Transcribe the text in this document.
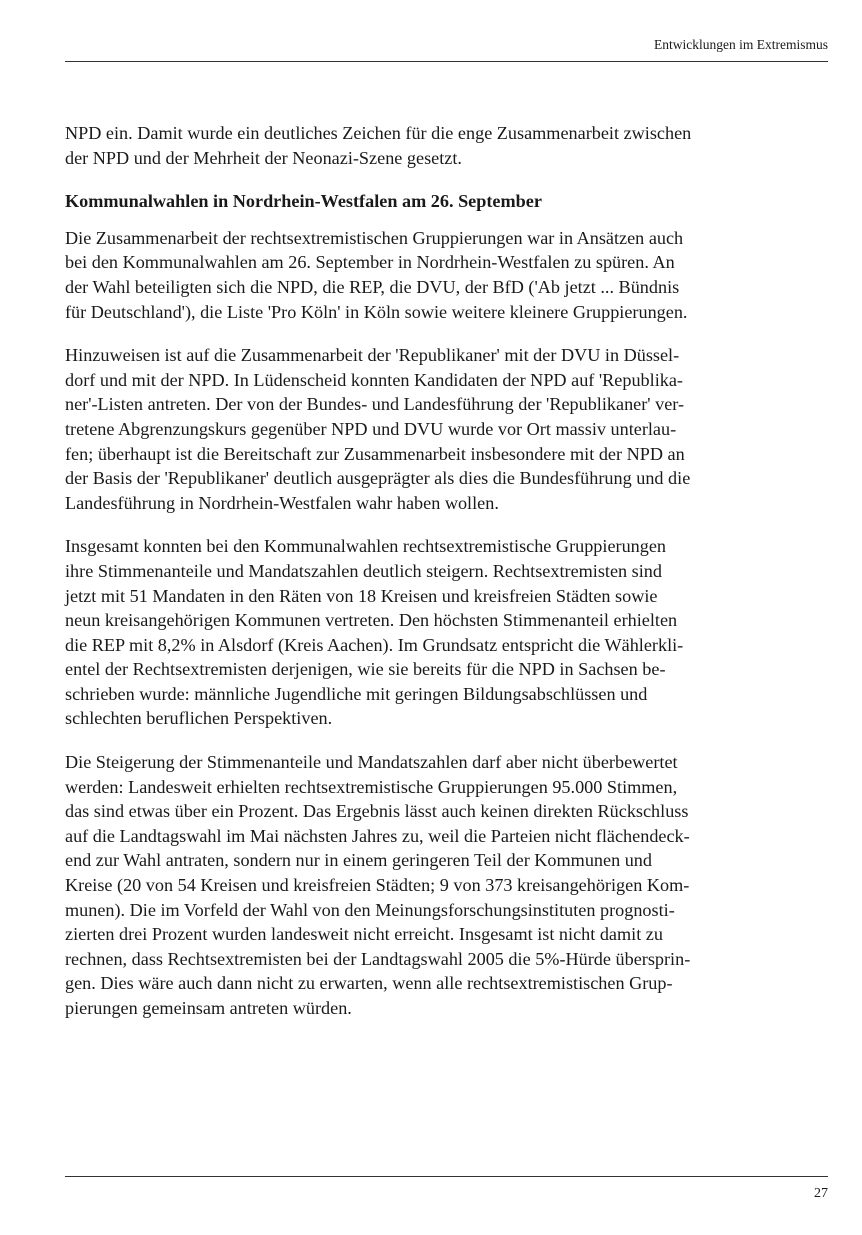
Entwicklungen im Extremismus
NPD ein. Damit wurde ein deutliches Zeichen für die enge Zusammenarbeit zwischen
der NPD und der Mehrheit der Neonazi-Szene gesetzt.
Kommunalwahlen in Nordrhein-Westfalen am 26. September
Die Zusammenarbeit der rechtsextremistischen Gruppierungen war in Ansätzen auch
bei den Kommunalwahlen am 26. September in Nordrhein-Westfalen zu spüren. An
der Wahl beteiligten sich die NPD, die REP, die DVU, der BfD ('Ab jetzt ... Bündnis
für Deutschland'), die Liste 'Pro Köln' in Köln sowie weitere kleinere Gruppierungen.
Hinzuweisen ist auf die Zusammenarbeit der 'Republikaner' mit der DVU in Düssel-
dorf und mit der NPD. In Lüdenscheid konnten Kandidaten der NPD auf 'Republika-
ner'-Listen antreten. Der von der Bundes- und Landesführung der 'Republikaner' ver-
tretene Abgrenzungskurs gegenüber NPD und DVU wurde vor Ort massiv unterlau-
fen; überhaupt ist die Bereitschaft zur Zusammenarbeit insbesondere mit der NPD an
der Basis der 'Republikaner' deutlich ausgeprägter als dies die Bundesführung und die
Landesführung in Nordrhein-Westfalen wahr haben wollen.
Insgesamt konnten bei den Kommunalwahlen rechtsextremistische Gruppierungen
ihre Stimmenanteile und Mandatszahlen deutlich steigern. Rechtsextremisten sind
jetzt mit 51 Mandaten in den Räten von 18 Kreisen und kreisfreien Städten sowie
neun kreisangehörigen Kommunen vertreten. Den höchsten Stimmenanteil erhielten
die REP mit 8,2% in Alsdorf (Kreis Aachen). Im Grundsatz entspricht die Wählerkli-
entel der Rechtsextremisten derjenigen, wie sie bereits für die NPD in Sachsen be-
schrieben wurde: männliche Jugendliche mit geringen Bildungsabschlüssen und
schlechten beruflichen Perspektiven.
Die Steigerung der Stimmenanteile und Mandatszahlen darf aber nicht überbewertet
werden: Landesweit erhielten rechtsextremistische Gruppierungen 95.000 Stimmen,
das sind etwas über ein Prozent. Das Ergebnis lässt auch keinen direkten Rückschluss
auf die Landtagswahl im Mai nächsten Jahres zu, weil die Parteien nicht flächendeck-
end zur Wahl antraten, sondern nur in einem geringeren Teil der Kommunen und
Kreise (20 von 54 Kreisen und kreisfreien Städten; 9 von 373 kreisangehörigen Kom-
munen). Die im Vorfeld der Wahl von den Meinungsforschungsinstituten prognosti-
zierten drei Prozent wurden landesweit nicht erreicht. Insgesamt ist nicht damit zu
rechnen, dass Rechtsextremisten bei der Landtagswahl 2005 die 5%-Hürde übersprin-
gen. Dies wäre auch dann nicht zu erwarten, wenn alle rechtsextremistischen Grup-
pierungen gemeinsam antreten würden.
27
